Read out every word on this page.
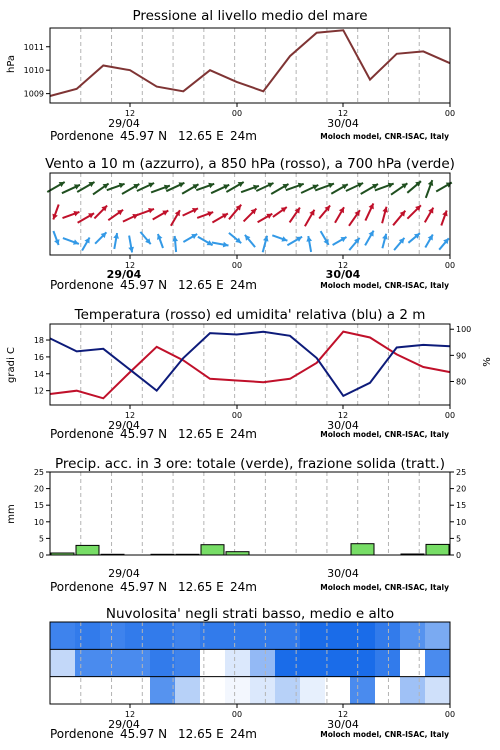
Pressione al livello medio del mare
1009
1010
1011
hPa
12	00	12	00
29/04	30/04
Pordenone 45.97 N 12.65 E 24m	Moloch model, CNR-ISAC, Italy
Vento a 10 m (azzurro), a 850 hPa (rosso), a 700 hPa (verde)
12	00	12	00
29/04	30/04
Pordenone 45.97 N 12.65 E 24m	Moloch model, CNR-ISAC, Italy
Temperatura (rosso) ed umidita' relativa (blu) a 2 m
12
14
16
18
80
90
100
gradi C	%
12	00	12	00
29/04	30/04
Pordenone 45.97 N 12.65 E 24m	Moloch model, CNR-ISAC, Italy
Precip. acc. in 3 ore: totale (verde), frazione solida (tratt.)
0
5
10
15
20
25
0
5
10
15
20
25
mm
29/04	30/04
Pordenone 45.97 N 12.65 E 24m	Moloch model, CNR-ISAC, Italy
Nuvolosita' negli strati basso, medio e alto
12	00	12	00
29/04	30/04
Pordenone 45.97 N 12.65 E 24m	Moloch model, CNR-ISAC, Italy
